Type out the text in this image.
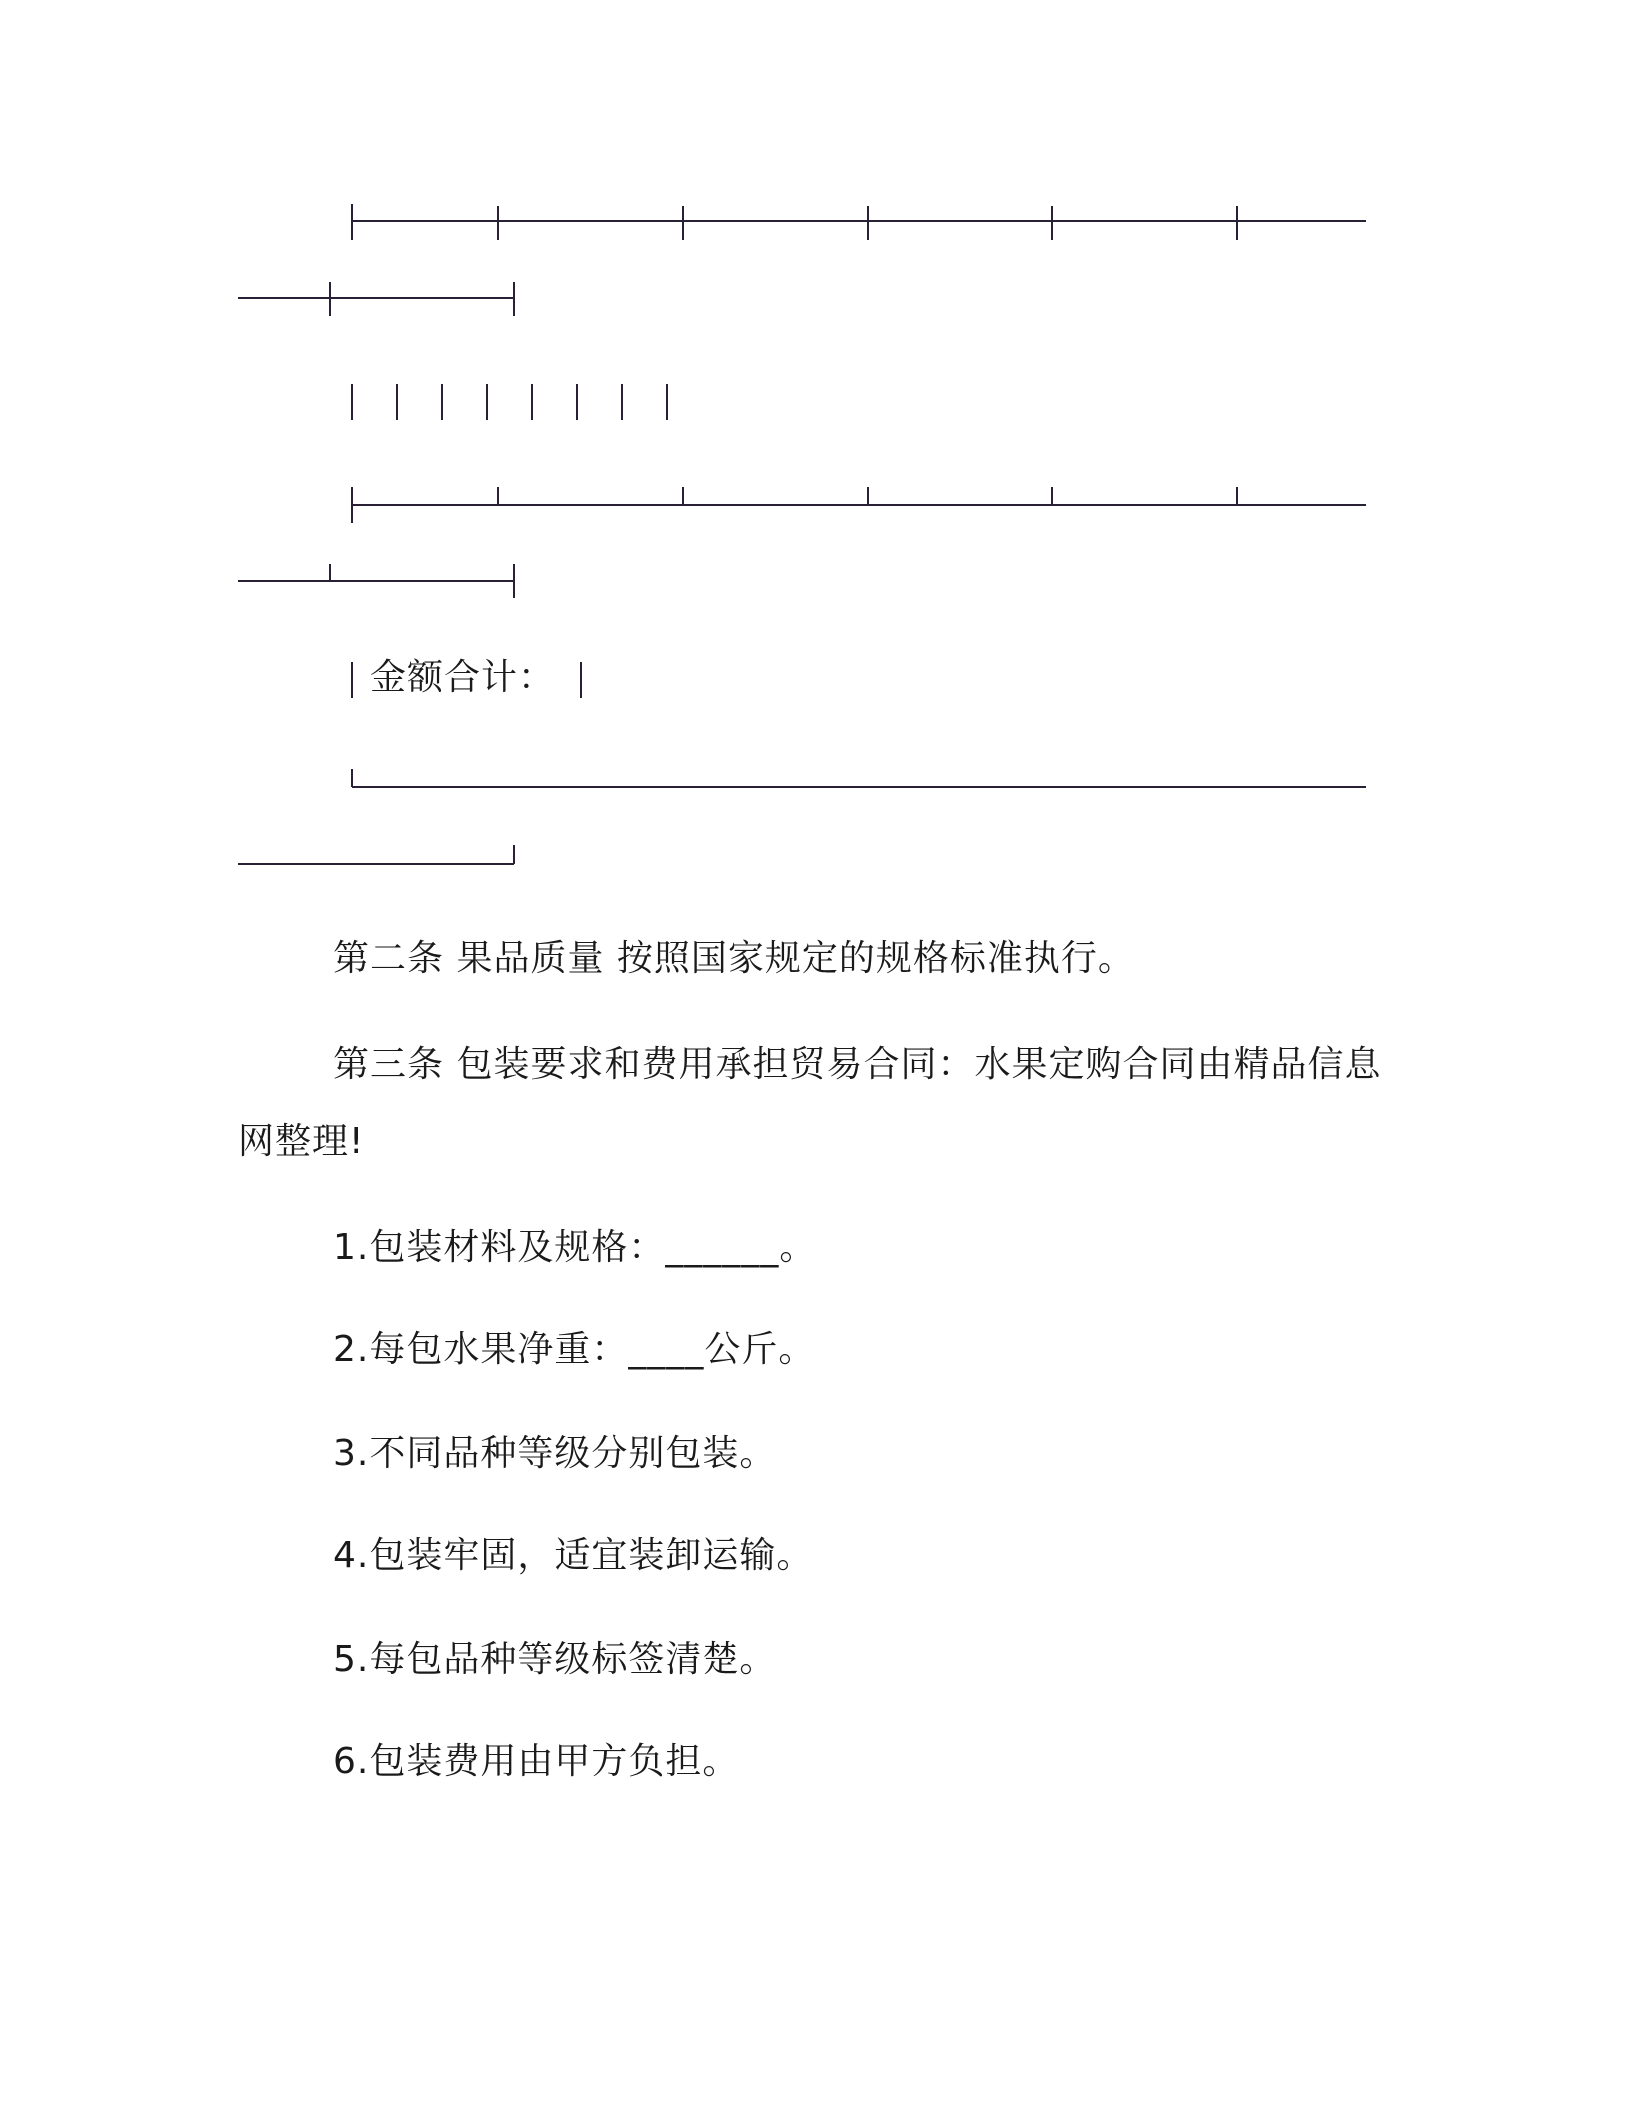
金额合计：
第二条 果品质量 按照国家规定的规格标准执行。
第三条 包装要求和费用承担贸易合同：水果定购合同由精品信息
网整理!
1.包装材料及规格：______。
2.每包水果净重：____公斤。
3.不同品种等级分别包装。
4.包装牢固，适宜装卸运输。
5.每包品种等级标签清楚。
6.包装费用由甲方负担。
